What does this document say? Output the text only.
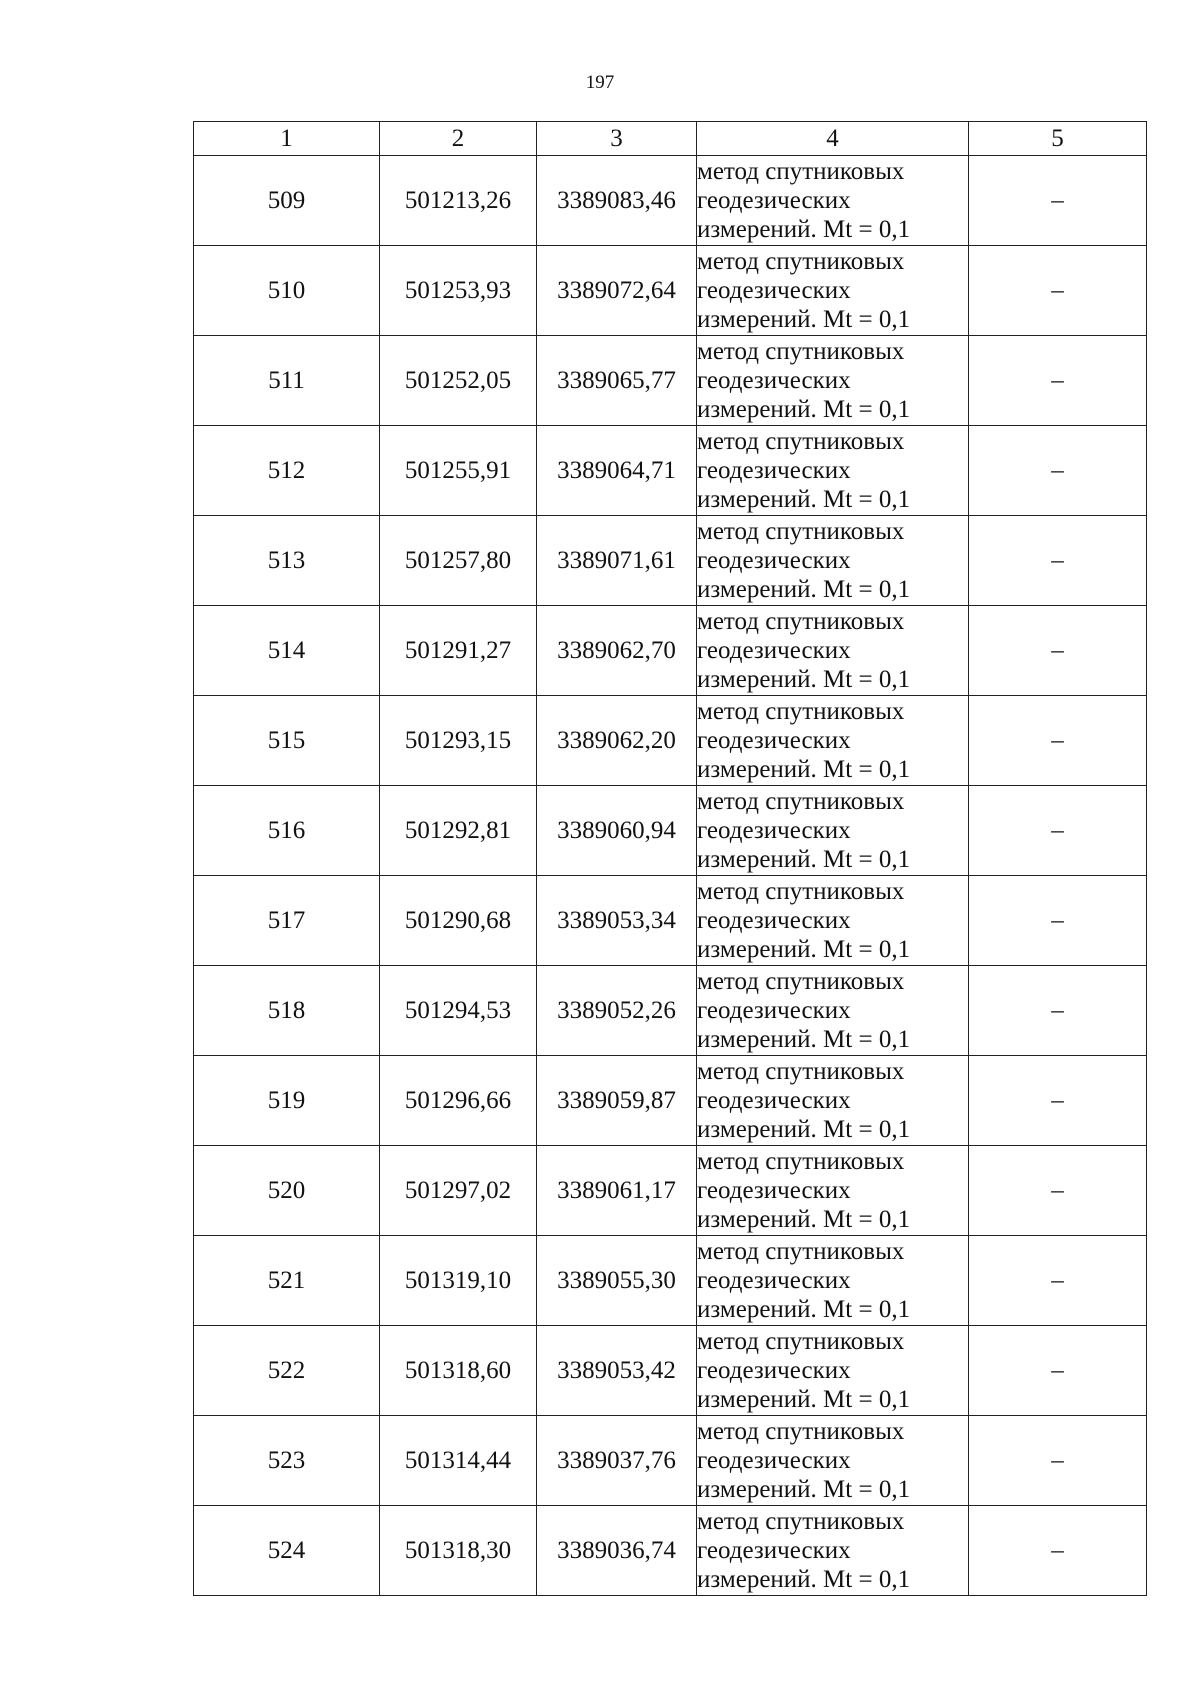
197
1	2	3	4	5
509	501213,26	3389083,46	метод спутниковых
геодезических
измерений. Mt = 0,1	–
510	501253,93	3389072,64	метод спутниковых
геодезических
измерений. Mt = 0,1	–
511	501252,05	3389065,77	метод спутниковых
геодезических
измерений. Mt = 0,1	–
512	501255,91	3389064,71	метод спутниковых
геодезических
измерений. Mt = 0,1	–
513	501257,80	3389071,61	метод спутниковых
геодезических
измерений. Mt = 0,1	–
514	501291,27	3389062,70	метод спутниковых
геодезических
измерений. Mt = 0,1	–
515	501293,15	3389062,20	метод спутниковых
геодезических
измерений. Mt = 0,1	–
516	501292,81	3389060,94	метод спутниковых
геодезических
измерений. Mt = 0,1	–
517	501290,68	3389053,34	метод спутниковых
геодезических
измерений. Mt = 0,1	–
518	501294,53	3389052,26	метод спутниковых
геодезических
измерений. Mt = 0,1	–
519	501296,66	3389059,87	метод спутниковых
геодезических
измерений. Mt = 0,1	–
520	501297,02	3389061,17	метод спутниковых
геодезических
измерений. Mt = 0,1	–
521	501319,10	3389055,30	метод спутниковых
геодезических
измерений. Mt = 0,1	–
522	501318,60	3389053,42	метод спутниковых
геодезических
измерений. Mt = 0,1	–
523	501314,44	3389037,76	метод спутниковых
геодезических
измерений. Mt = 0,1	–
524	501318,30	3389036,74	метод спутниковых
геодезических
измерений. Mt = 0,1	–
